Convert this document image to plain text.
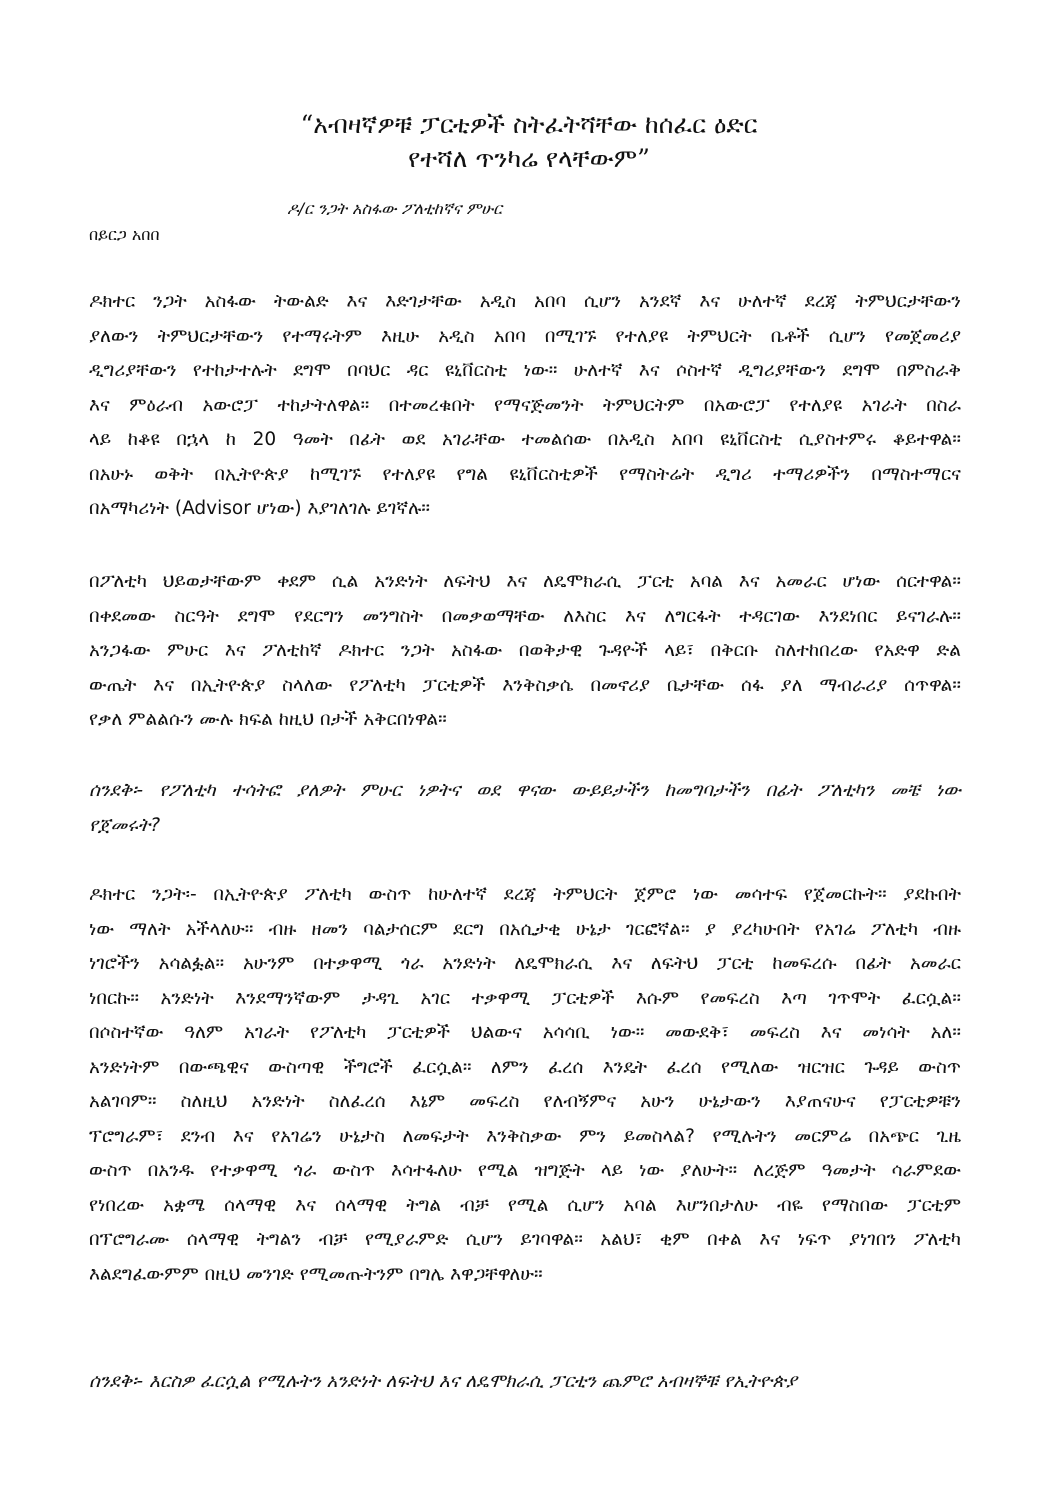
“አብዛኛዎቹ ፓርቲዎች ስትፈትሻቸው ከሰፈር ዕድር
የተሻለ ጥንካሬ የላቸውም”
ዶ/ር ንጋት አስፋው ፖለቲከኛና ምሁር
በይርጋ አበበ
ዶክተር ንጋት አስፋው ትውልድ እና እድገታቸው አዲስ አበባ ሲሆን አንደኛ እና ሁለተኛ ደረጃ ትምህርታቸውን
ያለውን ትምህርታቸውን የተማሩትም እዚሁ አዲስ አበባ በሚገኙ የተለያዩ ትምህርት ቤቶች ሲሆን የመጀመሪያ
ዲግሪያቸውን የተከታተሉት ደግሞ በባህር ዳር ዩኒቨርስቲ ነው። ሁለተኛ እና ሶስተኛ ዲግሪያቸውን ደግሞ በምስራቅ
እና ምዕራብ አውሮፓ ተከታትለዋል። በተመረቁበት የማናጅመንት ትምህርትም በአውሮፓ የተለያዩ አገራት በስራ
ላይ ከቆዩ በኋላ ከ 20 ዓመት በፊት ወደ አገራቸው ተመልሰው በአዲስ አበባ ዩኒቨርስቲ ሲያስተምሩ ቆይተዋል።
በአሁኑ ወቅት በኢትዮጵያ ከሚገኙ የተለያዩ የግል ዩኒቨርስቲዎች የማስትሬት ዲግሪ ተማሪዎችን በማስተማርና
በአማካሪነት (Advisor ሆነው) እያገለገሉ ይገኛሉ።
በፖለቲካ ህይወታቸውም ቀደም ሲል አንድነት ለፍትህ እና ለዴሞክራሲ ፓርቲ አባል እና አመራር ሆነው ሰርተዋል።
በቀደመው ስርዓት ደግሞ የደርግን መንግስት በመቃወማቸው ለእስር እና ለግርፋት ተዳርገው እንደነበር ይናገራሉ።
አንጋፋው ምሁር እና ፖለቲከኛ ዶክተር ንጋት አስፋው በወቅታዊ ጉዳዮች ላይ፣ በቅርቡ ስለተከበረው የአድዋ ድል
ውጤት እና በኢትዮጵያ ስላለው የፖለቲካ ፓርቲዎች እንቅስቃሴ በመኖሪያ ቤታቸው ሰፋ ያለ ማብራሪያ ሰጥዋል።
የቃለ ምልልሱን ሙሉ ክፍል ከዚህ በታች አቅርበነዋል።
ሰንደቅ፡- የፖለቲካ ተሳትፎ ያለዎት ምሁር ነዎትና ወደ ዋናው ውይይታችን ከመግባታችን በፊት ፖለቲካን መቼ ነው
የጀመሩት?
ዶክተር ንጋት፡- በኢትዮጵያ ፖለቲካ ውስጥ ከሁለተኛ ደረጃ ትምህርት ጀምሮ ነው መሳተፍ የጀመርኩት። ያደኩበት
ነው ማለት አችላለሁ። ብዙ ዘመን ባልታሰርም ደርግ በአሲታቂ ሁኔታ ገርፎኛል። ያ ያረካሁበት የአገሬ ፖለቲካ ብዙ
ነገሮችን አሳልፏል። አሁንም በተቃዋሚ ጎራ አንድነት ለዴሞክራሲ እና ለፍትህ ፓርቲ ከመፍረሱ በፊት አመራር
ነበርኩ። አንድነት እንደማንኛውም ታዳጊ አገር ተቃዋሚ ፓርቲዎች እሱም የመፍረስ እጣ ገጥሞት ፈርሷል።
በሶስተኛው ዓለም አገራት የፖለቲካ ፓርቲዎች ህልውና አሳሳቢ ነው። መውደቅ፣ መፍረስ እና መነሳት አለ።
አንድነትም በውጫዊና ውስጣዊ ችግሮች ፈርሷል። ለምን ፈረሰ እንዴት ፈረሰ የሚለው ዝርዝር ጉዳይ ውስጥ
አልገባም። ስለዚህ አንድነት ስለፈረሰ እኔም መፍረስ የለብኝምና አሁን ሁኔታውን እያጠናሁና የፓርቲዎቹን
ፕሮግራም፣ ደንብ እና የአገሬን ሁኔታስ ለመፍታት እንቅስቃው ምን ይመስላል? የሚሉትን መርምሬ በአጭር ጊዜ
ውስጥ በአንዱ የተቃዋሚ ጎራ ውስጥ እሳተፋለሁ የሚል ዝግጅት ላይ ነው ያለሁት። ለረጅም ዓመታት ሳራምደው
የነበረው አቋሜ ሰላማዊ እና ሰላማዊ ትግል ብቻ የሚል ሲሆን አባል እሆንበታለሁ ብዬ የማስበው ፓርቲም
በፕሮግራሙ ሰላማዊ ትግልን ብቻ የሚያራምድ ሲሆን ይገባዋል። አልህ፣ ቂም በቀል እና ነፍጥ ያነገበን ፖለቲካ
እልደግፈውምም በዚህ መንገድ የሚመጡትንም በግሌ እዋጋቸዋለሁ።
ሰንደቅ፡- እርስዎ ፈርሷል የሚሉትን አንድነት ለፍትህ እና ለዴሞክራሲ ፓርቲን ጨምሮ አብዛኞቹ የኢትዮጵያ
